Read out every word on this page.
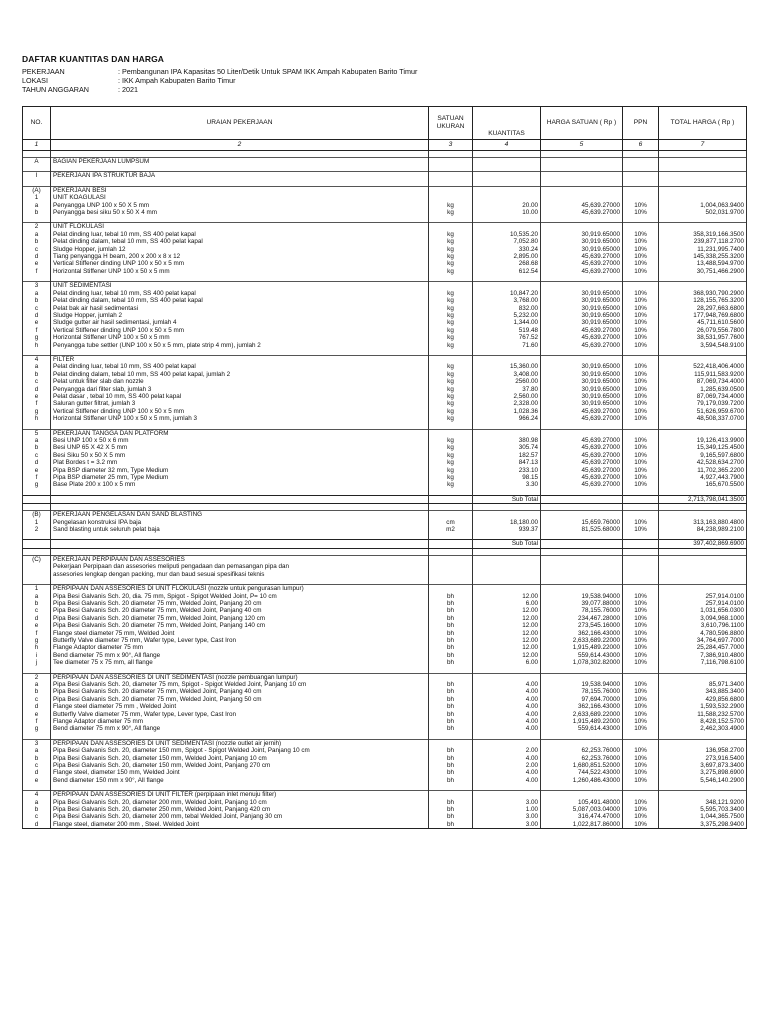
DAFTAR KUANTITAS DAN HARGA
PEKERJAAN	: Pembangunan IPA Kapasitas 50 Liter/Detik Untuk SPAM IKK Ampah Kabupaten Barito Timur
LOKASI	: IKK Ampah Kabupaten Barito Timur
TAHUN ANGGARAN	: 2021
NO.	URAIAN PEKERJAAN	SATUAN UKURAN	KUANTITAS	HARGA SATUAN ( Rp )	PPN	TOTAL HARGA ( Rp )
1	2	3	4	5	6	7

A	BAGIAN PEKERJAAN LUMPSUM					

I	PEKERJAAN IPA STRUKTUR BAJA					

(A)	PEKERJAAN BESI					
1	UNIT KOAGULASI					
a	Penyangga UNP 100 x 50 X 5 mm	kg	20.00	45,639.27000	10%	1,004,063.9400
b	Penyangga besi siku 50 x 50 X 4 mm	kg	10.00	45,639.27000	10%	502,031.9700

2	UNIT FLOKULASI					
a	Pelat dinding luar, tebal 10 mm, SS 400 pelat kapal	kg	10,535.20	30,919.65000	10%	358,319,166.3500
b	Pelat dinding dalam, tebal 10 mm, SS 400 pelat kapal	kg	7,052.80	30,919.65000	10%	239,877,118.2700
c	Sludge Hopper, jumlah 12	kg	330.24	30,919.65000	10%	11,231,995.7400
d	Tiang penyangga H beam, 200 x 200 x 8 x 12	kg	2,895.00	45,639.27000	10%	145,338,255.3200
e	Vertical Stiffener dinding UNP 100 x 50 x 5 mm	kg	268.68	45,639.27000	10%	13,488,594.9700
f	Horizontal Stiffener UNP 100 x 50 x 5 mm	kg	612.54	45,639.27000	10%	30,751,466.2900

3	UNIT SEDIMENTASI					
a	Pelat dinding luar, tebal 10 mm, SS 400 pelat kapal	kg	10,847.20	30,919.65000	10%	368,930,790.2900
b	Pelat dinding dalam, tebal 10 mm, SS 400 pelat kapal	kg	3,768.00	30,919.65000	10%	128,155,765.3200
c	Pelat bak air hasil sedimentasi	kg	832.00	30,919.65000	10%	28,297,663.6800
d	Sludge Hopper, jumlah 2	kg	5,232.00	30,919.65000	10%	177,948,769.6800
e	Sludge gutter air hasil sedimentasi, jumlah 4	kg	1,344.00	30,919.65000	10%	45,711,610.5600
f	Vertical Stiffener dinding UNP 100 x 50 x 5 mm	kg	519.48	45,639.27000	10%	26,079,556.7800
g	Horizontal Stiffener UNP 100 x 50 x 5 mm	kg	767.52	45,639.27000	10%	38,531,957.7600
h	Penyangga tube settler (UNP 100 x 50 x 5 mm, plate strip 4 mm), jumlah 2	kg	71.60	45,639.27000	10%	3,594,548.9100

4	FILTER					
a	Pelat dinding luar, tebal 10 mm, SS 400 pelat kapal	kg	15,360.00	30,919.65000	10%	522,418,406.4000
b	Pelat dinding dalam, tebal 10 mm, SS 400 pelat kapal, jumlah 2	kg	3,408.00	30,919.65000	10%	115,911,583.9200
c	Pelat untuk filter slab dan nozzle	kg	2560.00	30,919.65000	10%	87,069,734.4000
d	Penyangga dari filter slab, jumlah 3	kg	37.80	30,919.65000	10%	1,285,639.0500
e	Pelat dasar , tebal 10 mm, SS 400 pelat kapal	kg	2,560.00	30,919.65000	10%	87,069,734.4000
f	Saluran gutter filtrat, jumlah 3	kg	2,328.00	30,919.65000	10%	79,179,039.7200
g	Vertical Stiffener dinding UNP 100 x 50 x 5 mm	kg	1,028.36	45,639.27000	10%	51,626,959.6700
h	Horizontal Stiffener UNP 100 x 50 x 5 mm, jumlah 3	kg	966.24	45,639.27000	10%	48,508,337.0700

5	PEKERJAAN TANGGA DAN PLATFORM					
a	Besi UNP 100 x 50 x 6 mm	kg	380.98	45,639.27000	10%	19,126,413.9900
b	Besi UNP 65 X 42 X 5 mm	kg	305.74	45,639.27000	10%	15,349,125.4500
c	Besi Siku 50 x 50 X 5 mm	kg	182.57	45,639.27000	10%	9,165,597.6800
d	Plat Bordes t = 3.2 mm	kg	847.13	45,639.27000	10%	42,528,634.2700
e	Pipa BSP diameter 32 mm, Type Medium	kg	233.10	45,639.27000	10%	11,702,365.2200
f	Pipa BSP diameter 25 mm, Type Medium	kg	98.15	45,639.27000	10%	4,927,443.7900
g	Base Plate 200 x 100 x 5 mm	kg	3.30	45,639.27000	10%	165,670.5500

			Sub Total			2,713,798,041.3500

(B)	PEKERJAAN PENGELASAN DAN SAND BLASTING					
1	Pengelasan konstruksi IPA baja	cm	18,180.00	15,659.76000	10%	313,163,880.4800
2	Sand blasting untuk seluruh pelat baja	m2	939.37	81,525.68000	10%	84,238,989.2100

			Sub Total			397,402,869.6900

(C)	PEKERJAAN PERPIPAAN DAN ASSESORIES					
	Pekerjaan Perpipaan dan assesories meliputi pengadaan dan pemasangan pipa dan					
	assesories lengkap dengan packing, mur dan baud sesuai spesifikasi teknis					

1	PERPIPAAN DAN ASSESORIES DI UNIT FLOKULASI (nozzle untuk pengurasan lumpur)					
a	Pipa Besi Galvanis Sch. 20, dia. 75 mm, Spigot - Spigot Welded Joint, P= 10 cm	bh	12.00	19,538.94000	10%	257,914.0100
b	Pipa Besi Galvanis Sch. 20 diameter 75 mm, Welded Joint, Panjang 20 cm	bh	6.00	39,077.88000	10%	257,914.0100
c	Pipa Besi Galvanis Sch. 20 diameter 75 mm, Welded Joint, Panjang 40 cm	bh	12.00	78,155.76000	10%	1,031,656.0300
d	Pipa Besi Galvanis Sch. 20 diameter 75 mm, Welded Joint, Panjang 120 cm	bh	12.00	234,467.28000	10%	3,094,968.1000
e	Pipa Besi Galvanis Sch. 20 diameter 75 mm, Welded Joint, Panjang 140 cm	bh	12.00	273,545.16000	10%	3,610,796.1100
f	Flange steel diameter 75 mm, Welded Joint	bh	12.00	362,166.43000	10%	4,780,596.8800
g	Butterfly Valve diameter 75 mm, Wafer type, Lever type, Cast Iron	bh	12.00	2,633,689.22000	10%	34,764,697.7000
h	Flange Adaptor diameter 75 mm	bh	12.00	1,915,489.22000	10%	25,284,457.7000
i	Bend diameter 75 mm x 90°, All flange	bh	12.00	559,614.43000	10%	7,386,910.4800
j	Tee diameter 75 x 75 mm, all flange	bh	6.00	1,078,302.82000	10%	7,116,798.6100

2	PERPIPAAN DAN ASSESORIES DI UNIT SEDIMENTASI (nozzle pembuangan lumpur)					
a	Pipa Besi Galvanis Sch. 20, diameter 75 mm, Spigot - Spigot Welded Joint, Panjang 10 cm	bh	4.00	19,538.94000	10%	85,971.3400
b	Pipa Besi Galvanis Sch. 20 diameter 75 mm, Welded Joint, Panjang 40 cm	bh	4.00	78,155.76000	10%	343,885.3400
c	Pipa Besi Galvanis Sch. 20 diameter 75 mm, Welded Joint, Panjang 50 cm	bh	4.00	97,694.70000	10%	429,856.6800
d	Flange steel diameter 75 mm , Welded Joint	bh	4.00	362,166.43000	10%	1,593,532.2900
e	Butterfly Valve diameter 75 mm, Wafer type, Lever type, Cast Iron	bh	4.00	2,633,689.22000	10%	11,588,232.5700
f	Flange Adaptor diameter 75 mm	bh	4.00	1,915,489.22000	10%	8,428,152.5700
g	Bend diameter 75 mm x 90°, All flange	bh	4.00	559,614.43000	10%	2,462,303.4900

3	PERPIPAAN DAN ASSESORIES DI UNIT SEDIMENTASI (nozzle outlet air jernih)					
a	Pipa Besi Galvanis Sch. 20, diameter 150 mm, Spigot - Spigot Welded Joint, Panjang 10 cm	bh	2.00	62,253.76000	10%	136,958.2700
b	Pipa Besi Galvanis Sch. 20, diameter 150 mm, Welded Joint, Panjang 10 cm	bh	4.00	62,253.76000	10%	273,916.5400
c	Pipa Besi Galvanis Sch. 20, diameter 150 mm, Welded Joint, Panjang 270 cm	bh	2.00	1,680,851.52000	10%	3,697,873.3400
d	Flange steel, diameter 150 mm, Welded Joint	bh	4.00	744,522.43000	10%	3,275,898.6900
e	Bend diameter 150 mm x 90°, All flange	bh	4.00	1,260,486.43000	10%	5,546,140.2900

4	PERPIPAAN DAN ASSESORIES DI UNIT FILTER (perpipaan inlet menuju filter)					
a	Pipa Besi Galvanis Sch. 20, diameter 200 mm, Welded Joint, Panjang 10 cm	bh	3.00	105,491.48000	10%	348,121.9200
b	Pipa Besi Galvanis Sch. 20, diameter 250 mm, Welded Joint, Panjang 420 cm	bh	1.00	5,087,003.04000	10%	5,595,703.3400
c	Pipa Besi Galvanis Sch. 20, diameter 200 mm, tebal Welded Joint, Panjang 30 cm	bh	3.00	316,474.47000	10%	1,044,365.7500
d	Flange steel, diameter 200 mm , Steel. Welded Joint	bh	3.00	1,022,817.86000	10%	3,375,298.9400
